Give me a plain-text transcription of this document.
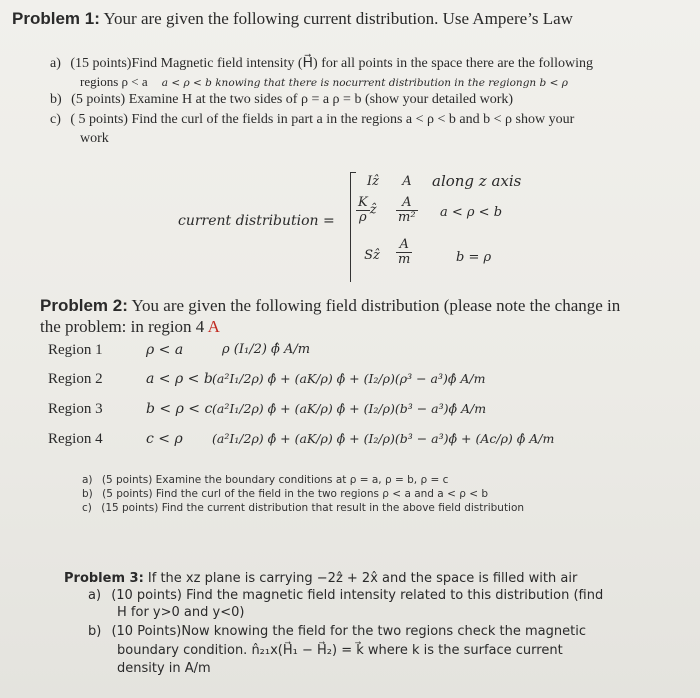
Problem 1: Your are given the following current distribution. Use Ampere’s Law
a) (15 points)Find Magnetic field intensity (H⃗) for all points in the space there are the following
regions ρ < a a < ρ < b knowing that there is nocurrent distribution in the regiongn b < ρ
b) (5 points) Examine H at the two sides of ρ = a ρ = b (show your detailed work)
c) ( 5 points) Find the curl of the fields in part a in the regions a < ρ < b and b < ρ show your
work
current distribution =
Iẑ	A	along z axis
$\frac{K}{\rho}$ ẑ $\frac{A}{\text{m²}}$ a < ρ < b
Sẑ	$\frac{A}{m}$	b = ρ
Problem 2: You are given the following field distribution (please note the change in
the problem: in region 4 A
Region 1	ρ < a	ρ (I₁/2) ϕ̂ A/m
Region 2	a < ρ < b (a²I₁/2ρ) ϕ̂ + (aK/ρ) ϕ̂ + (I₂/ρ)(ρ³ − a³)ϕ̂ A/m
Region 3	b < ρ < c (a²I₁/2ρ) ϕ̂ + (aK/ρ) ϕ̂ + (I₂/ρ)(b³ − a³)ϕ̂ A/m
Region 4	c < ρ (a²I₁/2ρ) ϕ̂ + (aK/ρ) ϕ̂ + (I₂/ρ)(b³ − a³)ϕ̂ + (Ac/ρ) ϕ̂ A/m
a) (5 points) Examine the boundary conditions at ρ = a, ρ = b, ρ = c
b) (5 points) Find the curl of the field in the two regions ρ < a and a < ρ < b
c) (15 points) Find the current distribution that result in the above field distribution
Problem 3: If the xz plane is carrying −2ẑ + 2x̂ and the space is filled with air
a) (10 points) Find the magnetic field intensity related to this distribution (find
H for y>0 and y<0)
b) (10 Points)Now knowing the field for the two regions check the magnetic
boundary condition. n̂₂₁x(H⃗₁ − H⃗₂) = k⃗ where k is the surface current
density in A/m
